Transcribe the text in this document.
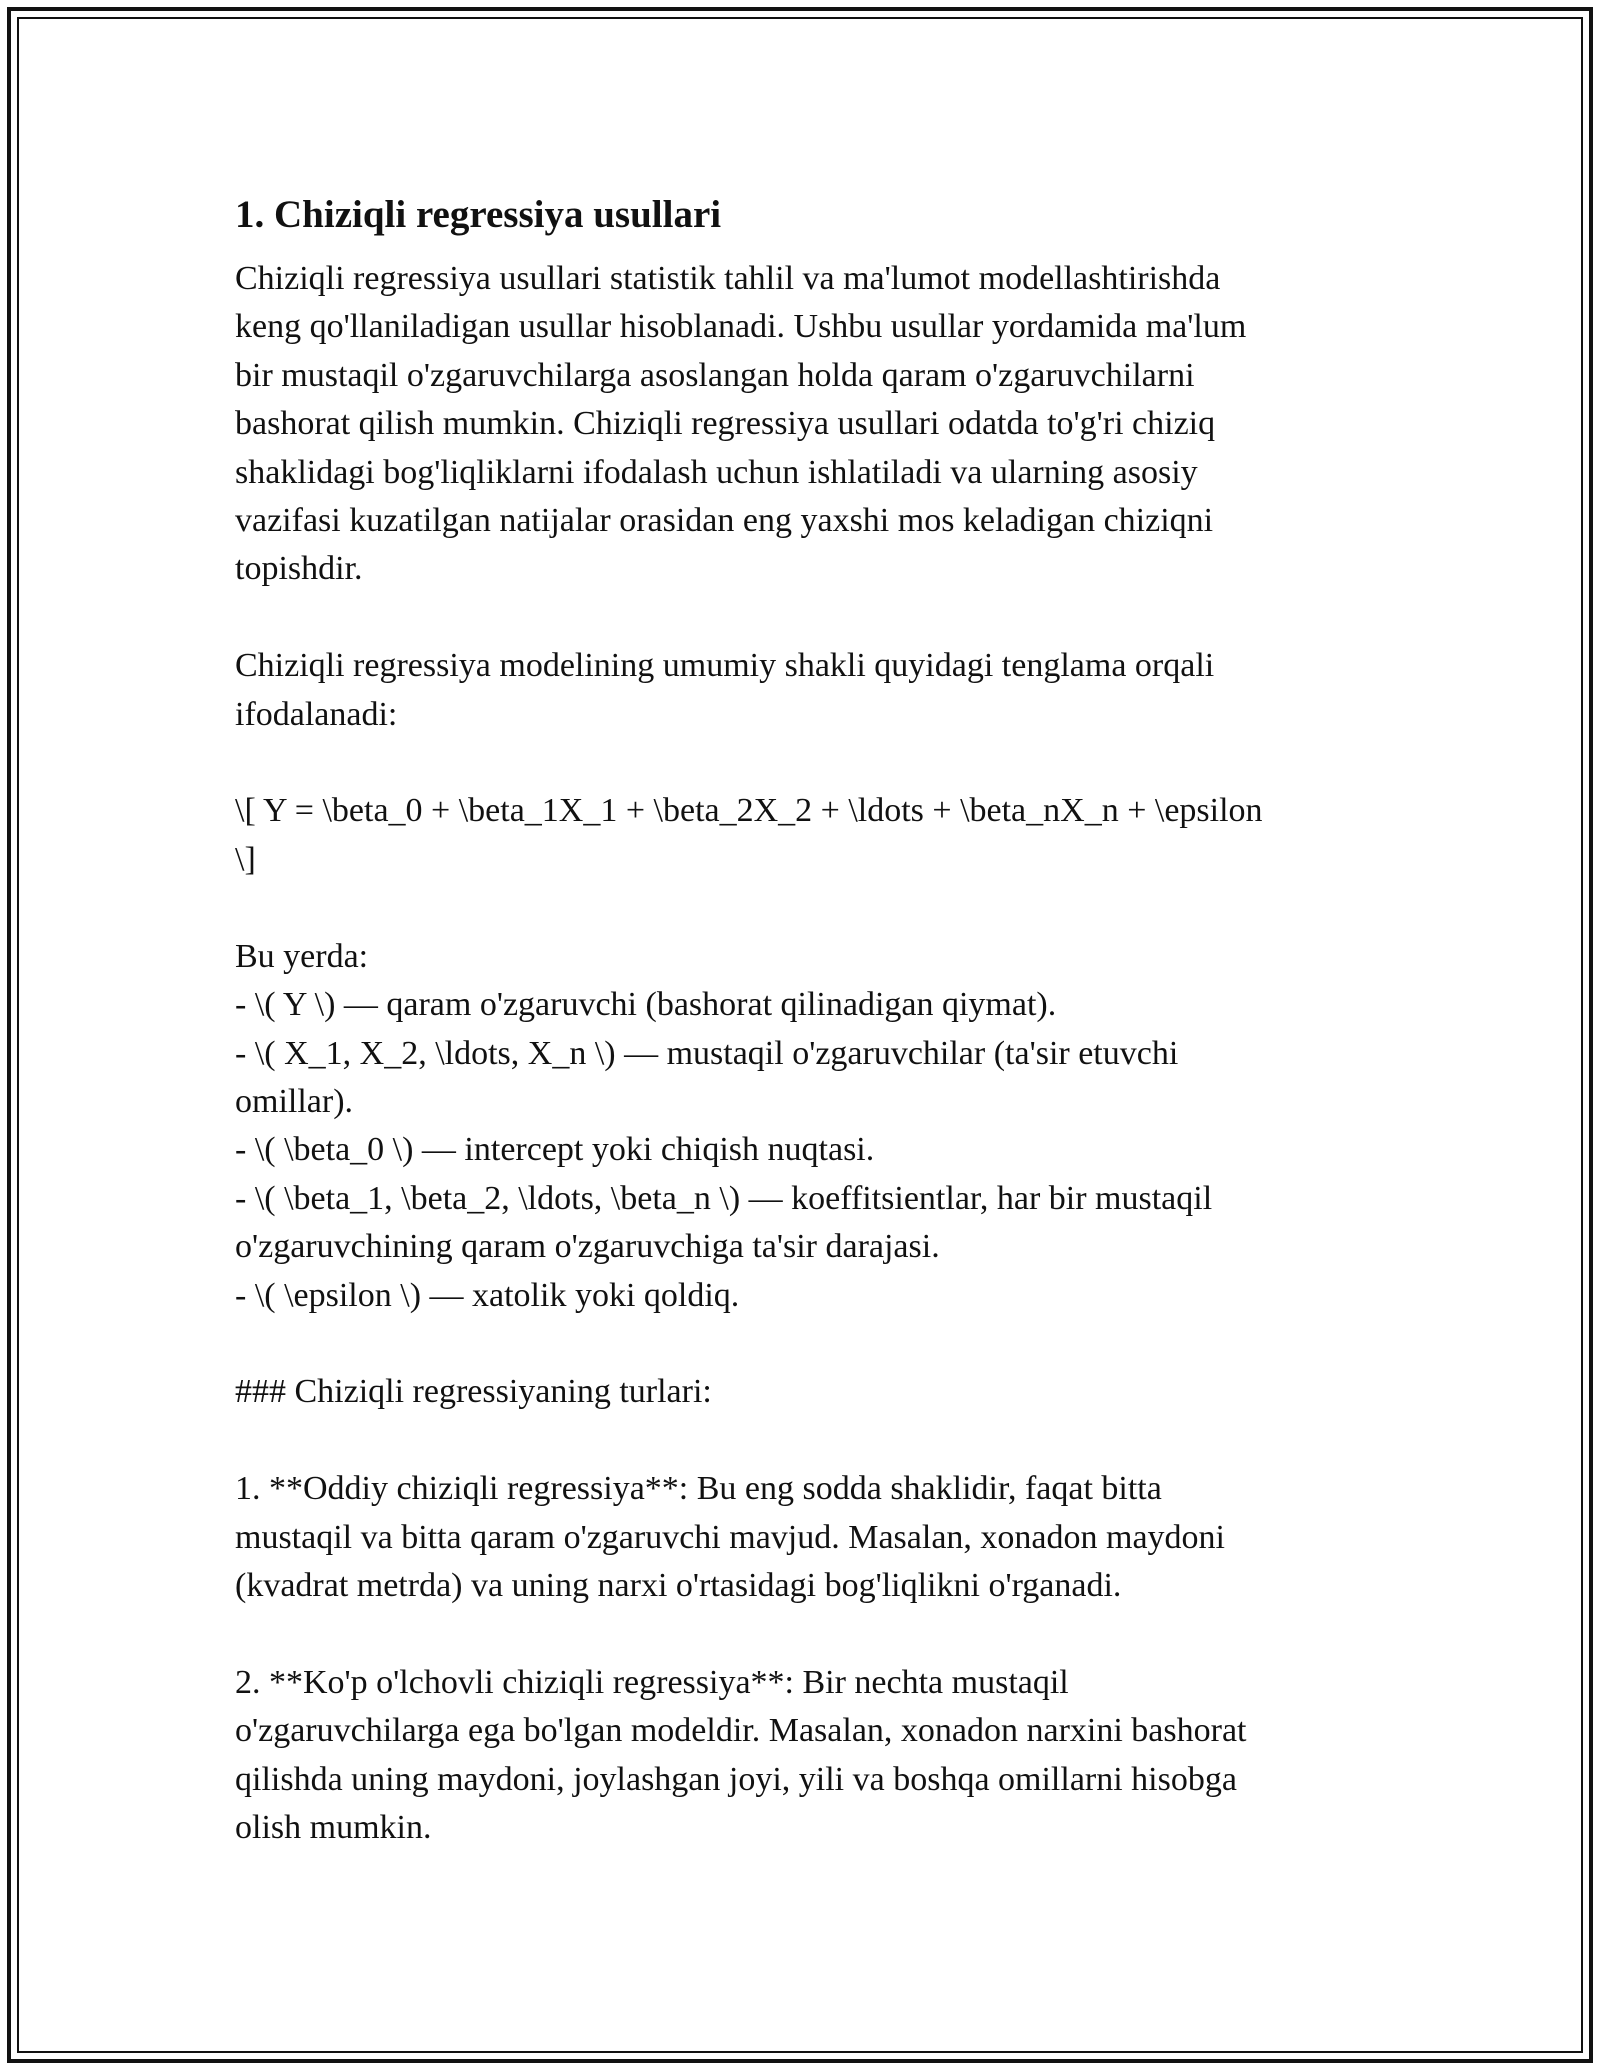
1. Chiziqli regressiya usullari
Chiziqli regressiya usullari statistik tahlil va ma'lumot modellashtirishda
keng qo'llaniladigan usullar hisoblanadi. Ushbu usullar yordamida ma'lum
bir mustaqil o'zgaruvchilarga asoslangan holda qaram o'zgaruvchilarni
bashorat qilish mumkin. Chiziqli regressiya usullari odatda to'g'ri chiziq
shaklidagi bog'liqliklarni ifodalash uchun ishlatiladi va ularning asosiy
vazifasi kuzatilgan natijalar orasidan eng yaxshi mos keladigan chiziqni
topishdir.

Chiziqli regressiya modelining umumiy shakli quyidagi tenglama orqali
ifodalanadi:

\[ Y = \beta_0 + \beta_1X_1 + \beta_2X_2 + \ldots + \beta_nX_n + \epsilon
\]

Bu yerda:
- \( Y \) — qaram o'zgaruvchi (bashorat qilinadigan qiymat).
- \( X_1, X_2, \ldots, X_n \) — mustaqil o'zgaruvchilar (ta'sir etuvchi
omillar).
- \( \beta_0 \) — intercept yoki chiqish nuqtasi.
- \( \beta_1, \beta_2, \ldots, \beta_n \) — koeffitsientlar, har bir mustaqil
o'zgaruvchining qaram o'zgaruvchiga ta'sir darajasi.
- \( \epsilon \) — xatolik yoki qoldiq.

### Chiziqli regressiyaning turlari:

1. **Oddiy chiziqli regressiya**: Bu eng sodda shaklidir, faqat bitta
mustaqil va bitta qaram o'zgaruvchi mavjud. Masalan, xonadon maydoni
(kvadrat metrda) va uning narxi o'rtasidagi bog'liqlikni o'rganadi.

2. **Ko'p o'lchovli chiziqli regressiya**: Bir nechta mustaqil
o'zgaruvchilarga ega bo'lgan modeldir. Masalan, xonadon narxini bashorat
qilishda uning maydoni, joylashgan joyi, yili va boshqa omillarni hisobga
olish mumkin.
